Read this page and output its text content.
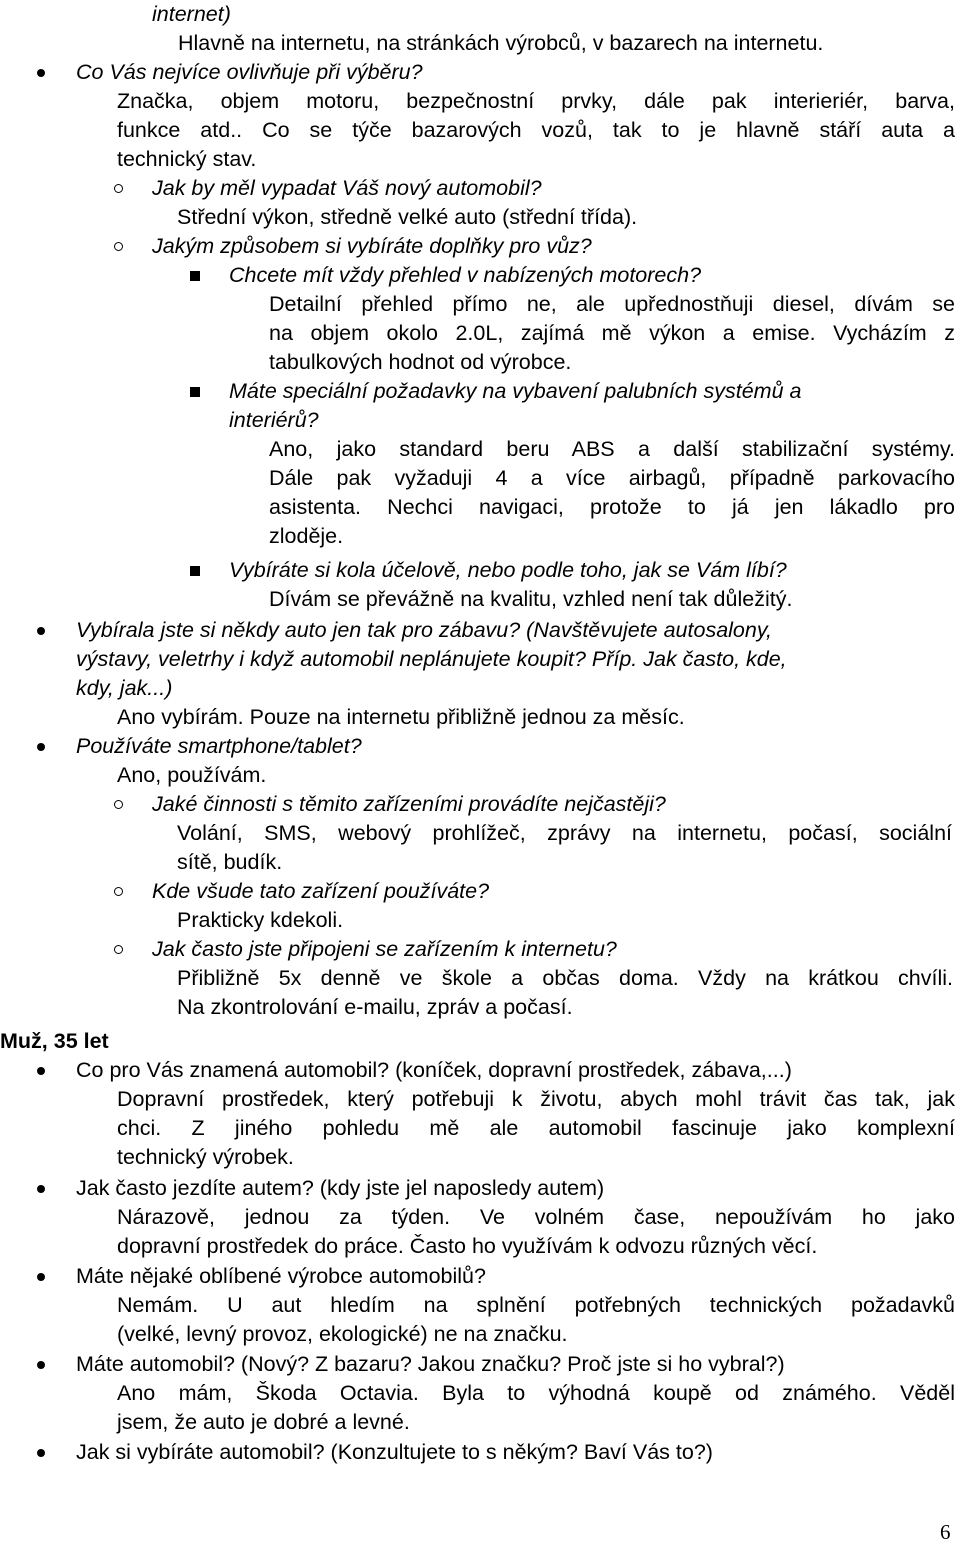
internet)
Hlavně na internetu, na stránkách výrobců, v bazarech na internetu.
Co Vás nejvíce ovlivňuje při výběru?
Značka, objem motoru, bezpečnostní prvky, dále pak interieriér, barva,
funkce atd.. Co se týče bazarových vozů, tak to je hlavně stáří auta a
technický stav.
Jak by měl vypadat Váš nový automobil?
Střední výkon, středně velké auto (střední třída).
Jakým způsobem si vybíráte doplňky pro vůz?
Chcete mít vždy přehled v nabízených motorech?
Detailní přehled přímo ne, ale upřednostňuji diesel, dívám se
na objem okolo 2.0L, zajímá mě výkon a emise. Vycházím z
tabulkových hodnot od výrobce.
Máte speciální požadavky na vybavení palubních systémů a
interiérů?
Ano, jako standard beru ABS a další stabilizační systémy.
Dále pak vyžaduji 4 a více airbagů, případně parkovacího
asistenta. Nechci navigaci, protože to já jen lákadlo pro
zloděje.
Vybíráte si kola účelově, nebo podle toho, jak se Vám líbí?
Dívám se převážně na kvalitu, vzhled není tak důležitý.
Vybírala jste si někdy auto jen tak pro zábavu? (Navštěvujete autosalony,
výstavy, veletrhy i když automobil neplánujete koupit? Příp. Jak často, kde,
kdy, jak...)
Ano vybírám. Pouze na internetu přibližně jednou za měsíc.
Používáte smartphone/tablet?
Ano, používám.
Jaké činnosti s těmito zařízeními provádíte nejčastěji?
Volání, SMS, webový prohlížeč, zprávy na internetu, počasí, sociální
sítě, budík.
Kde všude tato zařízení používáte?
Prakticky kdekoli.
Jak často jste připojeni se zařízením k internetu?
Přibližně 5x denně ve škole a občas doma. Vždy na krátkou chvíli.
Na zkontrolování e-mailu, zpráv a počasí.
Muž, 35 let
Co pro Vás znamená automobil? (koníček, dopravní prostředek, zábava,...)
Dopravní prostředek, který potřebuji k životu, abych mohl trávit čas tak, jak
chci. Z jiného pohledu mě ale automobil fascinuje jako komplexní
technický výrobek.
Jak často jezdíte autem? (kdy jste jel naposledy autem)
Nárazově, jednou za týden. Ve volném čase, nepoužívám ho jako
dopravní prostředek do práce. Často ho využívám k odvozu různých věcí.
Máte nějaké oblíbené výrobce automobilů?
Nemám. U aut hledím na splnění potřebných technických požadavků
(velké, levný provoz, ekologické) ne na značku.
Máte automobil? (Nový? Z bazaru? Jakou značku? Proč jste si ho vybral?)
Ano mám, Škoda Octavia. Byla to výhodná koupě od známého. Věděl
jsem, že auto je dobré a levné.
Jak si vybíráte automobil? (Konzultujete to s někým? Baví Vás to?)
6
